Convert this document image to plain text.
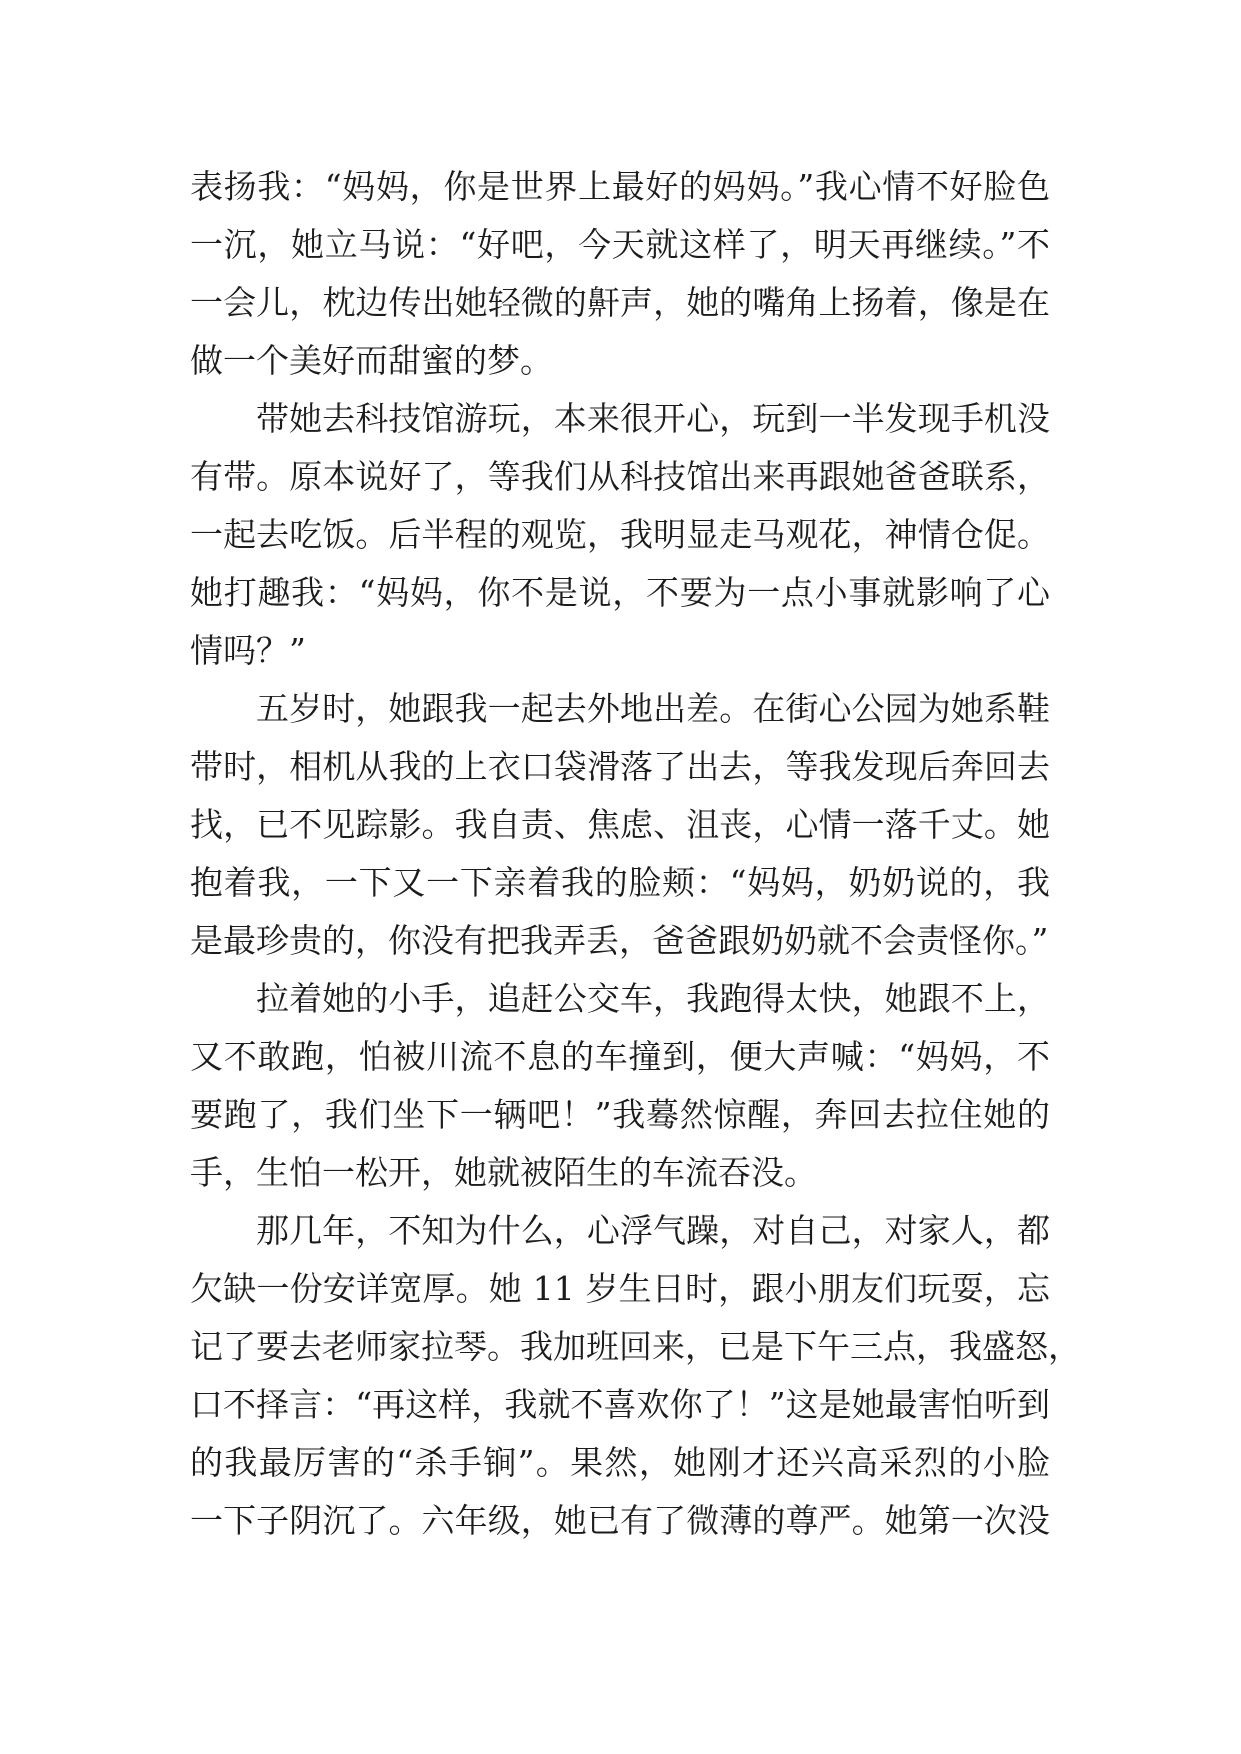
表扬我：“妈妈，你是世界上最好的妈妈。”我心情不好脸色
一沉，她立马说：“好吧，今天就这样了，明天再继续。”不
一会儿，枕边传出她轻微的鼾声，她的嘴角上扬着，像是在
做一个美好而甜蜜的梦。
带她去科技馆游玩，本来很开心，玩到一半发现手机没
有带。原本说好了，等我们从科技馆出来再跟她爸爸联系，
一起去吃饭。后半程的观览，我明显走马观花，神情仓促。
她打趣我：“妈妈，你不是说，不要为一点小事就影响了心
情吗？”
五岁时，她跟我一起去外地出差。在街心公园为她系鞋
带时，相机从我的上衣口袋滑落了出去，等我发现后奔回去
找，已不见踪影。我自责、焦虑、沮丧，心情一落千丈。她
抱着我，一下又一下亲着我的脸颊：“妈妈，奶奶说的，我
是最珍贵的，你没有把我弄丢，爸爸跟奶奶就不会责怪你。”
拉着她的小手，追赶公交车，我跑得太快，她跟不上，
又不敢跑，怕被川流不息的车撞到，便大声喊：“妈妈，不
要跑了，我们坐下一辆吧！”我蓦然惊醒，奔回去拉住她的
手，生怕一松开，她就被陌生的车流吞没。
那几年，不知为什么，心浮气躁，对自己，对家人，都
欠缺一份安详宽厚。她 11 岁生日时，跟小朋友们玩耍，忘
记了要去老师家拉琴。我加班回来，已是下午三点，我盛怒，
口不择言：“再这样，我就不喜欢你了！”这是她最害怕听到
的我最厉害的“杀手锏”。果然，她刚才还兴高采烈的小脸
一下子阴沉了。六年级，她已有了微薄的尊严。她第一次没
